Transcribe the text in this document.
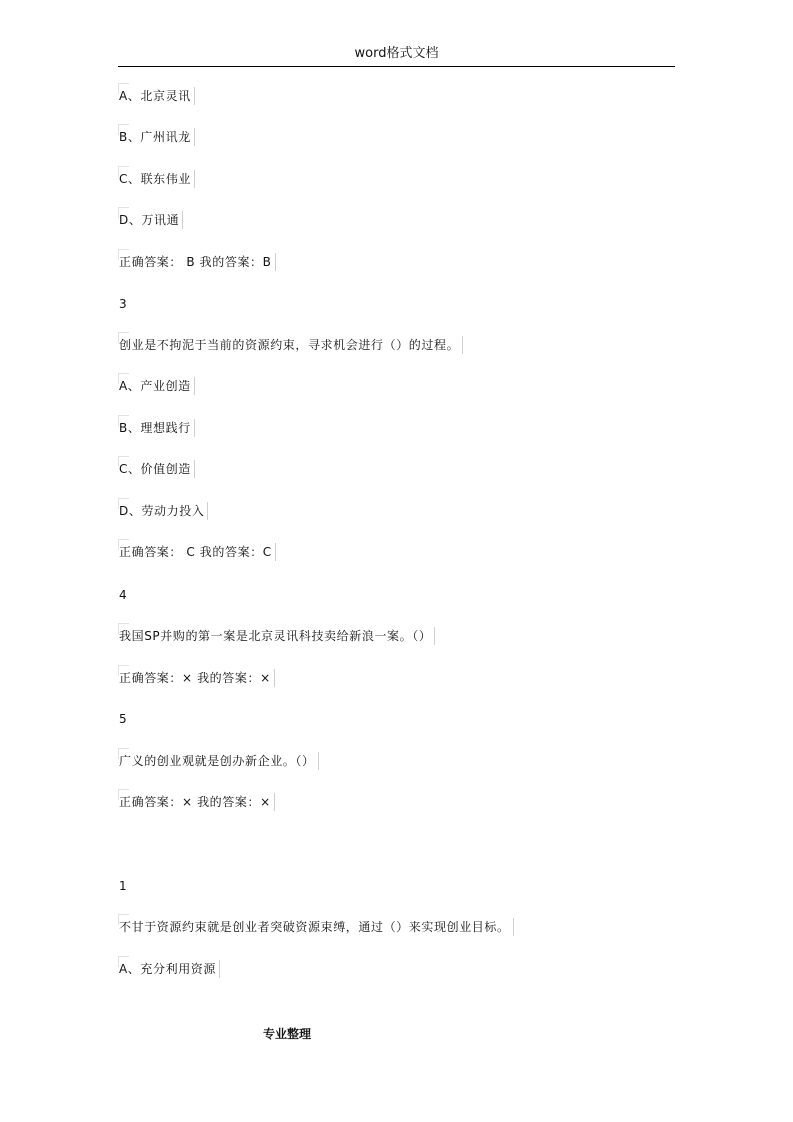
word格式文档
A、北京灵讯
B、广州讯龙
C、联东伟业
D、万讯通
正确答案： B 我的答案：B
3
创业是不拘泥于当前的资源约束，寻求机会进行（）的过程。
A、产业创造
B、理想践行
C、价值创造
D、劳动力投入
正确答案： C 我的答案：C
4
我国SP并购的第一案是北京灵讯科技卖给新浪一案。（）
正确答案：× 我的答案：×
5
广义的创业观就是创办新企业。（）
正确答案：× 我的答案：×
1
不甘于资源约束就是创业者突破资源束缚，通过（）来实现创业目标。
A、充分利用资源
专业整理
